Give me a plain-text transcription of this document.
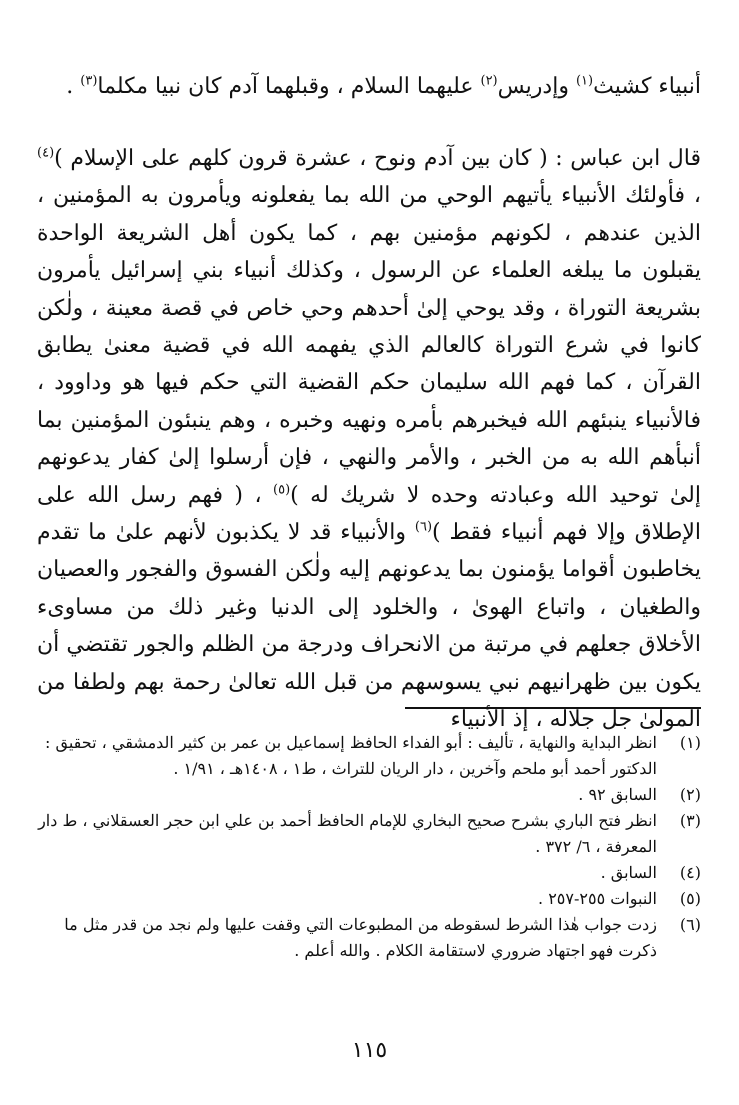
أنبياء كشيث$^{(١)}$ وإدريس$^{(٢)}$ عليهما السلام ، وقبلهما آدم كان نبيا مكلما$^{(٣)}$ .

قال ابن عباس : ( كان بين آدم ونوح ، عشرة قرون كلهم على الإسلام )$^{(٤)}$ ، فأولئك الأنبياء يأتيهم الوحي من الله بما يفعلونه ويأمرون به المؤمنين ، الذين عندهم ، لكونهم مؤمنين بهم ، كما يكون أهل الشريعة الواحدة يقبلون ما يبلغه العلماء عن الرسول ، وكذلك أنبياء بني إسرائيل يأمرون بشريعة التوراة ، وقد يوحي إلىٰ أحدهم وحي خاص في قصة معينة ، ولٰكن كانوا في شرع التوراة كالعالم الذي يفهمه الله في قضية معنىٰ يطابق القرآن ، كما فهم الله سليمان حكم القضية التي حكم فيها هو وداوود ، فالأنبياء ينبئهم الله فيخبرهم بأمره ونهيه وخبره ، وهم ينبئون المؤمنين بما أنبأهم الله به من الخبر ، والأمر والنهي ، فإن أرسلوا إلىٰ كفار يدعونهم إلىٰ توحيد الله وعبادته وحده لا شريك له )$^{(٥)}$ ، ( فهم رسل الله على الإطلاق وإلا فهم أنبياء فقط )$^{(٦)}$ والأنبياء قد لا يكذبون لأنهم علىٰ ما تقدم يخاطبون أقواما يؤمنون بما يدعونهم إليه ولٰكن الفسوق والفجور والعصيان والطغيان ، واتباع الهوىٰ ، والخلود إلى الدنيا وغير ذلك من مساوىء الأخلاق جعلهم في مرتبة من الانحراف ودرجة من الظلم والجور تقتضي أن يكون بين ظهرانيهم نبي يسوسهم من قبل الله تعالىٰ رحمة بهم ولطفا من المولىٰ جل جلاله ، إذ الأنبياء

(١)
انظر البداية والنهاية ، تأليف : أبو الفداء الحافظ إسماعيل بن عمر بن كثير الدمشقي ، تحقيق : الدكتور أحمد أبو ملحم وآخرين ، دار الريان للتراث ، ط١ ، ١٤٠٨هـ ، ١/٩١ .
(٢)
السابق ٩٢ .
(٣)
انظر فتح الباري بشرح صحيح البخاري للإمام الحافظ أحمد بن علي ابن حجر العسقلاني ، ط دار المعرفة ، ٦/ ٣٧٢ .
(٤)
السابق .
(٥)
النبوات ٢٥٥-٢٥٧ .
(٦)
زدت جواب هٰذا الشرط لسقوطه من المطبوعات التي وقفت عليها ولم نجد من قدر مثل ما ذكرت فهو اجتهاد ضروري لاستقامة الكلام . والله أعلم .
١١٥
